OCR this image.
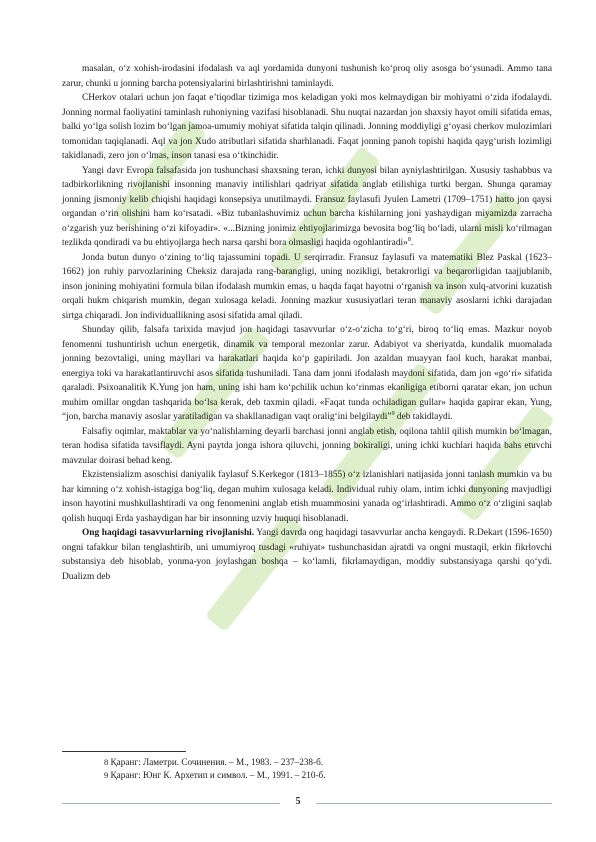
masalan, o‘z xohish-irodasini ifodalash va aql yordamida dunyoni tushunish ko‘proq oliy asosga bo‘ysunadi. Ammo tana zarur, chunki u jonning barcha potensiyalarini birlashtirishni taminlaydi.

CHerkov otalari uchun jon faqat e’tiqodlar tizimiga mos keladigan yoki mos kelmaydigan bir mohiyatni o‘zida ifodalaydi. Jonning normal faoliyatini taminlash ruhoniyning vazifasi hisoblanadi. Shu nuqtai nazardan jon shaxsiy hayot omili sifatida emas, balki yo‘lga solish lozim bo‘lgan jamoa-umumiy mohiyat sifatida talqin qilinadi. Jonning moddiyligi g‘oyasi cherkov mulozimlari tomonidan taqiqlanadi. Aql va jon Xudo atributlari sifatida sharhlanadi. Faqat jonning panoh topishi haqida qayg‘urish lozimligi takidlanadi, zero jon o‘lmas, inson tanasi esa o‘tkinchidir.

Yangi davr Evropa falsafasida jon tushunchasi shaxsning teran, ichki dunyosi bilan ayniylashtirilgan. Xususiy tashabbus va tadbirkorlikning rivojlanishi insonning manaviy intilishlari qadriyat sifatida anglab etilishiga turtki bergan. Shunga qaramay jonning jismoniy kelib chiqishi haqidagi konsepsiya unutilmaydi. Fransuz faylasufi Jyulen Lametri (1709–1751) hatto jon qaysi organdan o‘rin olishini ham ko‘rsatadi. «Biz tubanlashuvimiz uchun barcha kishilarning joni yashaydigan miyamizda zarracha o‘zgarish yuz berishining o‘zi kifoyadir». «...Bizning jonimiz ehtiyojlarimizga bevosita bog‘liq bo‘ladi, ularni misli ko‘rilmagan tezlikda qondiradi va bu ehtiyojlarga hech narsa qarshi bora olmasligi haqida ogohlantiradi»$^8$.

Jonda butun dunyo o‘zining to‘liq tajassumini topadi. U serqirradir. Fransuz faylasufi va matematiki Blez Paskal (1623–1662) jon ruhiy parvozlarining Cheksiz darajada rang-barangligi, uning nozikligi, betakrorligi va beqarorligidan taajjublanib, inson jonining mohiyatini formula bilan ifodalash mumkin emas, u haqda faqat hayotni o‘rganish va inson xulq-atvorini kuzatish orqali hukm chiqarish mumkin, degan xulosaga keladi. Jonning mazkur xususiyatlari teran manaviy asoslarni ichki darajadan sirtga chiqaradi. Jon individuallikning asosi sifatida amal qiladi.

Shunday qilib, falsafa tarixida mavjud jon haqidagi tasavvurlar o‘z-o‘zicha to‘g‘ri, biroq to‘liq emas. Mazkur noyob fenomenni tushuntirish uchun energetik, dinamik va temporal mezonlar zarur. Adabiyot va sheriyatda, kundalik muomalada jonning bezovtaligi, uning mayllari va harakatlari haqida ko‘p gapiriladi. Jon azaldan muayyan faol kuch, harakat manbai, energiya toki va harakatlantiruvchi asos sifatida tushuniladi. Tana dam jonni ifodalash maydoni sifatida, dam jon «go‘ri» sifatida qaraladi. Psixoanalitik K.Yung jon ham, uning ishi ham ko‘pchilik uchun ko‘rinmas ekanligiga etiborni qaratar ekan, jon uchun muhim omillar ongdan tashqarida bo‘lsa kerak, deb taxmin qiladi. «Faqat tunda ochiladigan gullar» haqida gapirar ekan, Yung, “jon, barcha manaviy asoslar yaratiladigan va shakllanadigan vaqt oralig‘ini belgilaydi”$^9$ deb takidlaydi.

Falsafiy oqimlar, maktablar va yo‘nalishlarning deyarli barchasi jonni anglab etish, oqilona tahlil qilish mumkin bo‘lmagan, teran hodisa sifatida tavsiflaydi. Ayni paytda jonga ishora qiluvchi, jonning bokiraligi, uning ichki kuchlari haqida bahs etuvchi mavzular doirasi behad keng.

Ekzistensializm asoschisi daniyalik faylasuf S.Kerkegor (1813–1855) o‘z izlanishlari natijasida jonni tanlash mumkin va bu har kimning o‘z xohish-istagiga bog‘liq, degan muhim xulosaga keladi. Individual ruhiy olam, intim ichki dunyoning mavjudligi inson hayotini mushkullashtiradi va ong fenomenini anglab etish muammosini yanada og‘irlashtiradi. Ammo o‘z o‘zligini saqlab qolish huquqi Erda yashaydigan har bir insonning uzviy huquqi hisoblanadi.

Ong haqidagi tasavvurlarning rivojlanishi. Yangi davrda ong haqidagi tasavvurlar ancha kengaydi. R.Dekart (1596-1650) ongni tafakkur bilan tenglashtirib, uni umumiyroq tusdagi «ruhiyat» tushunchasidan ajratdi va ongni mustaqil, erkin fikrlovchi substansiya deb hisoblab, yonma-yon joylashgan boshqa – ko‘lamli, fikrlamaydigan, moddiy substansiyaga qarshi qo‘ydi. Dualizm deb

8 Қаранг: Ламетри. Сочинения. – М., 1983. – 237–238-б.
9 Қаранг: Юнг К. Архетип и символ. – М., 1991. – 210-б.
5
